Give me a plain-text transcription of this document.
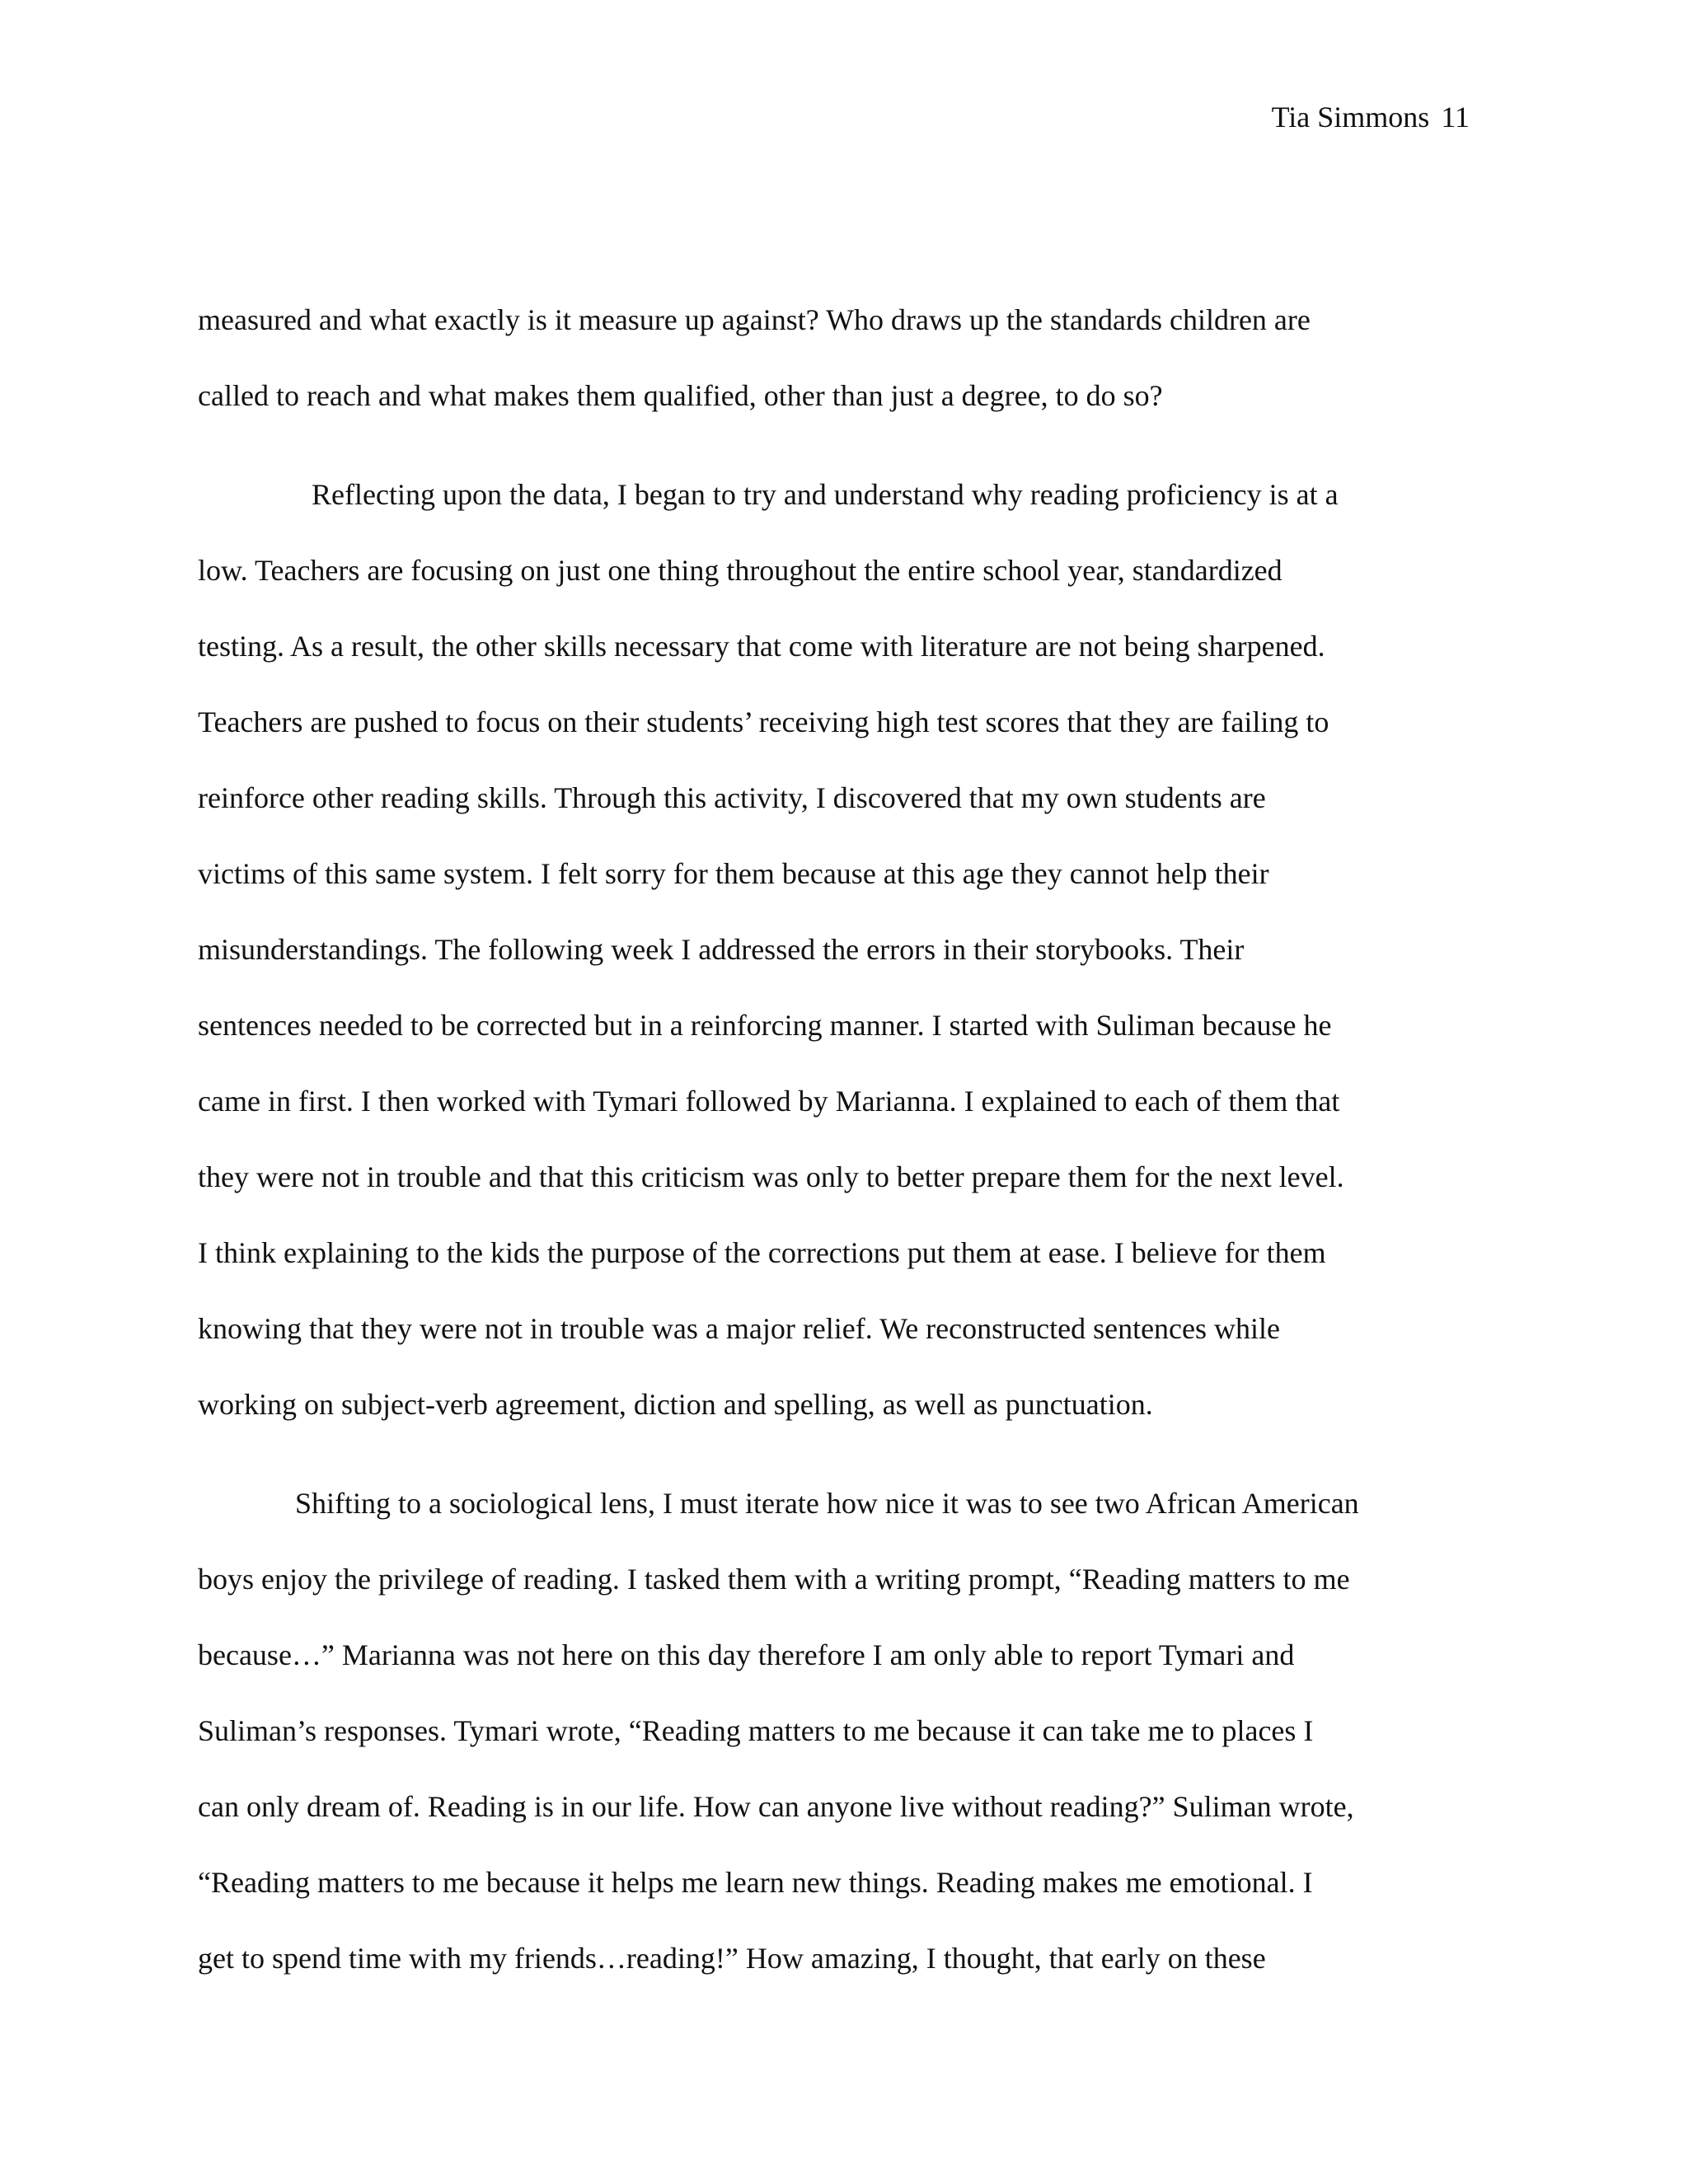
Tia Simmons 11
measured and what exactly is it measure up against? Who draws up the standards children are
called to reach and what makes them qualified, other than just a degree, to do so?
Reflecting upon the data, I began to try and understand why reading proficiency is at a
low. Teachers are focusing on just one thing throughout the entire school year, standardized
testing. As a result, the other skills necessary that come with literature are not being sharpened.
Teachers are pushed to focus on their students’ receiving high test scores that they are failing to
reinforce other reading skills. Through this activity, I discovered that my own students are
victims of this same system. I felt sorry for them because at this age they cannot help their
misunderstandings. The following week I addressed the errors in their storybooks. Their
sentences needed to be corrected but in a reinforcing manner. I started with Suliman because he
came in first. I then worked with Tymari followed by Marianna. I explained to each of them that
they were not in trouble and that this criticism was only to better prepare them for the next level.
I think explaining to the kids the purpose of the corrections put them at ease. I believe for them
knowing that they were not in trouble was a major relief. We reconstructed sentences while
working on subject-verb agreement, diction and spelling, as well as punctuation.
Shifting to a sociological lens, I must iterate how nice it was to see two African American
boys enjoy the privilege of reading. I tasked them with a writing prompt, “Reading matters to me
because…” Marianna was not here on this day therefore I am only able to report Tymari and
Suliman’s responses. Tymari wrote, “Reading matters to me because it can take me to places I
can only dream of. Reading is in our life. How can anyone live without reading?” Suliman wrote,
“Reading matters to me because it helps me learn new things. Reading makes me emotional. I
get to spend time with my friends…reading!” How amazing, I thought, that early on these
